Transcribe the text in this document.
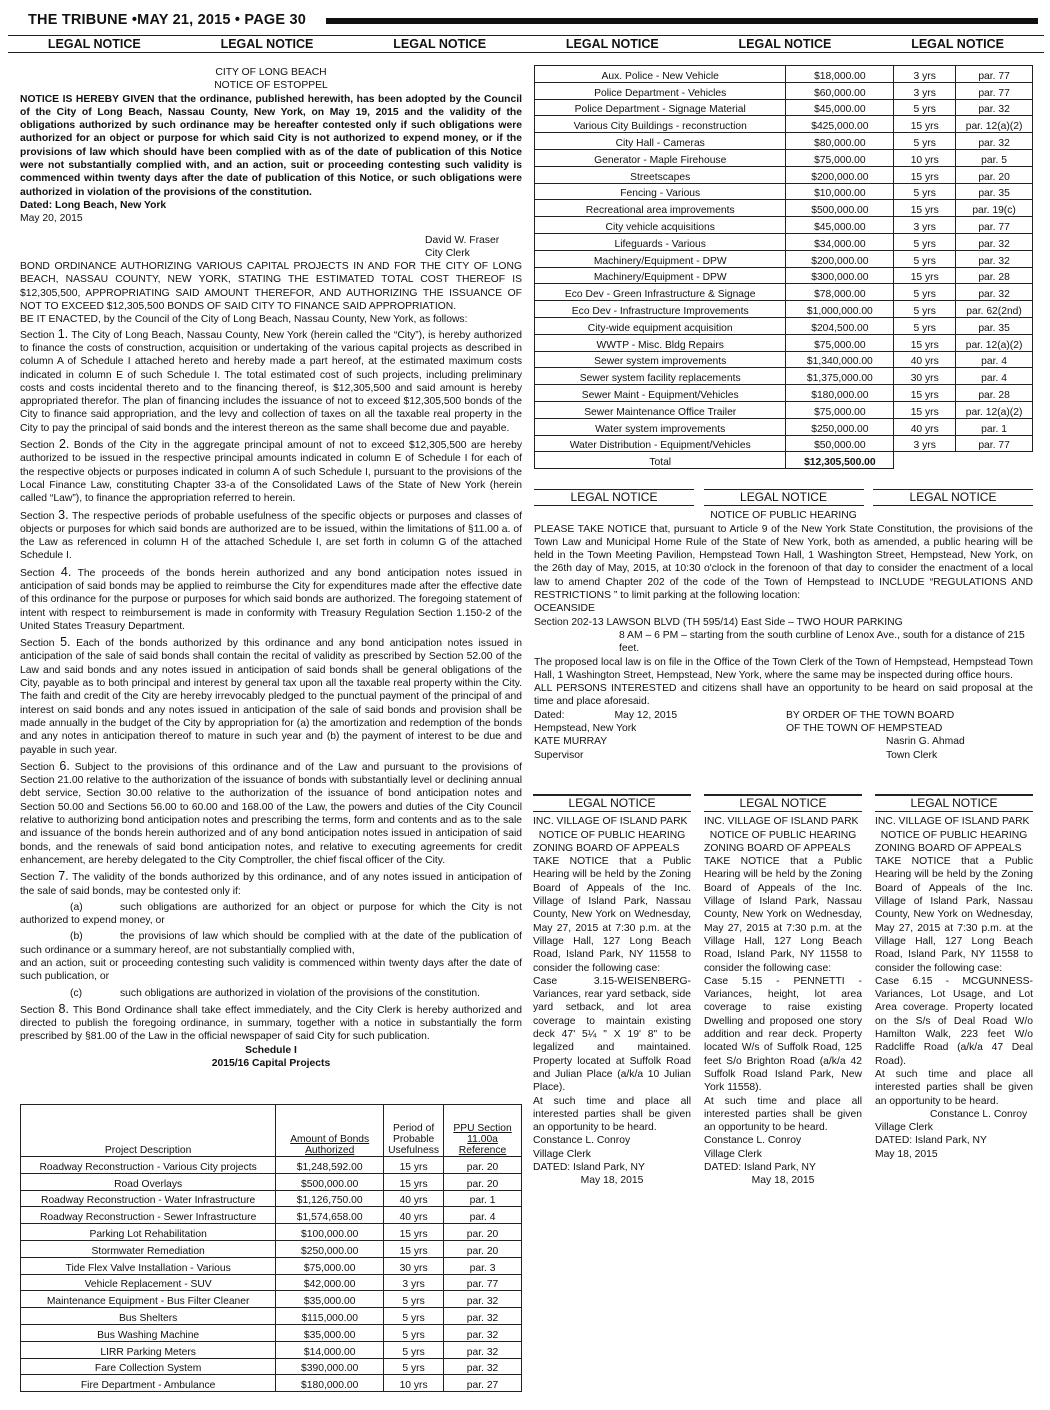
THE TRIBUNE •MAY 21, 2015 • PAGE 30
LEGAL NOTICE	LEGAL NOTICE	LEGAL NOTICE	LEGAL NOTICE	LEGAL NOTICE	LEGAL NOTICE
CITY OF LONG BEACH
NOTICE OF ESTOPPEL

NOTICE IS HEREBY GIVEN that the ordinance, published herewith, has been adopted by the Council of the City of Long Beach, Nassau County, New York, on May 19, 2015 and the validity of the obligations authorized by such ordinance may be hereafter contested only if such obligations were authorized for an object or purpose for which said City is not authorized to expend money, or if the provisions of law which should have been complied with as of the date of publication of this Notice were not substantially complied with, and an action, suit or proceeding contesting such validity is commenced within twenty days after the date of publication of this Notice, or such obligations were authorized in violation of the provisions of the constitution.

Dated: Long Beach, New York
May 20, 2015
David W. Fraser
City Clerk

BOND ORDINANCE AUTHORIZING VARIOUS CAPITAL PROJECTS IN AND FOR THE CITY OF LONG BEACH, NASSAU COUNTY, NEW YORK, STATING THE ESTIMATED TOTAL COST THEREOF IS $12,305,500, APPROPRIATING SAID AMOUNT THEREFOR, AND AUTHORIZING THE ISSUANCE OF NOT TO EXCEED $12,305,500 BONDS OF SAID CITY TO FINANCE SAID APPROPRIATION.

BE IT ENACTED, by the Council of the City of Long Beach, Nassau County, New York, as follows:

Section 1. The City of Long Beach, Nassau County, New York (herein called the “City”), is hereby authorized to finance the costs of construction, acquisition or undertaking of the various capital projects as described in column A of Schedule I attached hereto and hereby made a part hereof, at the estimated maximum costs indicated in column E of such Schedule I. The total estimated cost of such projects, including preliminary costs and costs incidental thereto and to the financing thereof, is $12,305,500 and said amount is hereby appropriated therefor. The plan of financing includes the issuance of not to exceed $12,305,500 bonds of the City to finance said appropriation, and the levy and collection of taxes on all the taxable real property in the City to pay the principal of said bonds and the interest thereon as the same shall become due and payable.

Section 2. Bonds of the City in the aggregate principal amount of not to exceed $12,305,500 are hereby authorized to be issued in the respective principal amounts indicated in column E of Schedule I for each of the respective objects or purposes indicated in column A of such Schedule I, pursuant to the provisions of the Local Finance Law, constituting Chapter 33-a of the Consolidated Laws of the State of New York (herein called “Law”), to finance the appropriation referred to herein.

Section 3. The respective periods of probable usefulness of the specific objects or purposes and classes of objects or purposes for which said bonds are authorized are to be issued, within the limitations of §11.00 a. of the Law as referenced in column H of the attached Schedule I, are set forth in column G of the attached Schedule I.

Section 4. The proceeds of the bonds herein authorized and any bond anticipation notes issued in anticipation of said bonds may be applied to reimburse the City for expenditures made after the effective date of this ordinance for the purpose or purposes for which said bonds are authorized. The foregoing statement of intent with respect to reimbursement is made in conformity with Treasury Regulation Section 1.150-2 of the United States Treasury Department.

Section 5. Each of the bonds authorized by this ordinance and any bond anticipation notes issued in anticipation of the sale of said bonds shall contain the recital of validity as prescribed by Section 52.00 of the Law and said bonds and any notes issued in anticipation of said bonds shall be general obligations of the City, payable as to both principal and interest by general tax upon all the taxable real property within the City. The faith and credit of the City are hereby irrevocably pledged to the punctual payment of the principal of and interest on said bonds and any notes issued in anticipation of the sale of said bonds and provision shall be made annually in the budget of the City by appropriation for (a) the amortization and redemption of the bonds and any notes in anticipation thereof to mature in such year and (b) the payment of interest to be due and payable in such year.

Section 6. Subject to the provisions of this ordinance and of the Law and pursuant to the provisions of Section 21.00 relative to the authorization of the issuance of bonds with substantially level or declining annual debt service, Section 30.00 relative to the authorization of the issuance of bond anticipation notes and Section 50.00 and Sections 56.00 to 60.00 and 168.00 of the Law, the powers and duties of the City Council relative to authorizing bond anticipation notes and prescribing the terms, form and contents and as to the sale and issuance of the bonds herein authorized and of any bond anticipation notes issued in anticipation of said bonds, and the renewals of said bond anticipation notes, and relative to executing agreements for credit enhancement, are hereby delegated to the City Comptroller, the chief fiscal officer of the City.

Section 7. The validity of the bonds authorized by this ordinance, and of any notes issued in anticipation of the sale of said bonds, may be contested only if:

(a)	such obligations are authorized for an object or purpose for which the City is not authorized to expend money, or

(b)	the provisions of law which should be complied with at the date of the publication of such ordinance or a summary hereof, are not substantially complied with,

and an action, suit or proceeding contesting such validity is commenced within twenty days after the date of such publication, or

(c)	such obligations are authorized in violation of the provisions of the constitution.

Section 8. This Bond Ordinance shall take effect immediately, and the City Clerk is hereby authorized and directed to publish the foregoing ordinance, in summary, together with a notice in substantially the form prescribed by §81.00 of the Law in the official newspaper of said City for such publication.

Schedule I
2015/16 Capital Projects
Project Description	Amount of Bonds Authorized	Period of Probable Usefulness	PPU Section 11.00a Reference
Roadway Reconstruction - Various City projects	$1,248,592.00	15 yrs	par. 20
Road Overlays	$500,000.00	15 yrs	par. 20
Roadway Reconstruction - Water Infrastructure	$1,126,750.00	40 yrs	par. 1
Roadway Reconstruction - Sewer Infrastructure	$1,574,658.00	40 yrs	par. 4
Parking Lot Rehabilitation	$100,000.00	15 yrs	par. 20
Stormwater Remediation	$250,000.00	15 yrs	par. 20
Tide Flex Valve Installation - Various	$75,000.00	30 yrs	par. 3
Vehicle Replacement - SUV	$42,000.00	3 yrs	par. 77
Maintenance Equipment - Bus Filter Cleaner	$35,000.00	5 yrs	par. 32
Bus Shelters	$115,000.00	5 yrs	par. 32
Bus Washing Machine	$35,000.00	5 yrs	par. 32
LIRR Parking Meters	$14,000.00	5 yrs	par. 32
Fare Collection System	$390,000.00	5 yrs	par. 32
Fire Department - Ambulance	$180,000.00	10 yrs	par. 27
Aux. Police - New Vehicle	$18,000.00	3 yrs	par. 77
Police Department - Vehicles	$60,000.00	3 yrs	par. 77
Police Department - Signage Material	$45,000.00	5 yrs	par. 32
Various City Buildings - reconstruction	$425,000.00	15 yrs	par. 12(a)(2)
City Hall - Cameras	$80,000.00	5 yrs	par. 32
Generator - Maple Firehouse	$75,000.00	10 yrs	par. 5
Streetscapes	$200,000.00	15 yrs	par. 20
Fencing - Various	$10,000.00	5 yrs	par. 35
Recreational area improvements	$500,000.00	15 yrs	par. 19(c)
City vehicle acquisitions	$45,000.00	3 yrs	par. 77
Lifeguards - Various	$34,000.00	5 yrs	par. 32
Machinery/Equipment - DPW	$200,000.00	5 yrs	par. 32
Machinery/Equipment - DPW	$300,000.00	15 yrs	par. 28
Eco Dev - Green Infrastructure & Signage	$78,000.00	5 yrs	par. 32
Eco Dev - Infrastructure Improvements	$1,000,000.00	5 yrs	par. 62(2nd)
City-wide equipment acquisition	$204,500.00	5 yrs	par. 35
WWTP - Misc. Bldg Repairs	$75,000.00	15 yrs	par. 12(a)(2)
Sewer system improvements	$1,340,000.00	40 yrs	par. 4
Sewer system facility replacements	$1,375,000.00	30 yrs	par. 4
Sewer Maint - Equipment/Vehicles	$180,000.00	15 yrs	par. 28
Sewer Maintenance Office Trailer	$75,000.00	15 yrs	par. 12(a)(2)
Water system improvements	$250,000.00	40 yrs	par. 1
Water Distribution - Equipment/Vehicles	$50,000.00	3 yrs	par. 77
Total	$12,305,500.00		
LEGAL NOTICE	LEGAL NOTICE	LEGAL NOTICE
NOTICE OF PUBLIC HEARING

PLEASE TAKE NOTICE that, pursuant to Article 9 of the New York State Constitution, the provisions of the Town Law and Municipal Home Rule of the State of New York, both as amended, a public hearing will be held in the Town Meeting Pavilion, Hempstead Town Hall, 1 Washington Street, Hempstead, New York, on the 26th day of May, 2015, at 10:30 o'clock in the forenoon of that day to consider the enactment of a local law to amend Chapter 202 of the code of the Town of Hempstead to INCLUDE “REGULATIONS AND RESTRICTIONS ” to limit parking at the following location:

OCEANSIDE
Section 202-13 LAWSON BLVD (TH 595/14) East Side – TWO HOUR PARKING
8 AM – 6 PM – starting from the south curbline of Lenox Ave., south for a distance of 215 feet.

The proposed local law is on file in the Office of the Town Clerk of the Town of Hempstead, Hempstead Town Hall, 1 Washington Street, Hempstead, New York, where the same may be inspected during office hours.

ALL PERSONS INTERESTED and citizens shall have an opportunity to be heard on said proposal at the time and place aforesaid.

Dated:	May 12, 2015
Hempstead, New York
KATE MURRAY
Supervisor
BY ORDER OF THE TOWN BOARD
OF THE TOWN OF HEMPSTEAD
Nasrin G. Ahmad
Town Clerk
LEGAL NOTICE
INC. VILLAGE OF ISLAND PARK
NOTICE OF PUBLIC HEARING
ZONING BOARD OF APPEALS

TAKE NOTICE that a Public Hearing will be held by the Zoning Board of Appeals of the Inc. Village of Island Park, Nassau County, New York on Wednesday, May 27, 2015 at 7:30 p.m. at the Village Hall, 127 Long Beach Road, Island Park, NY 11558 to consider the following case:

Case 3.15-WEISENBERG- Variances, rear yard setback, side yard setback, and lot area coverage to maintain existing deck 47' 5¼ " X 19' 8" to be legalized and maintained. Property located at Suffolk Road and Julian Place (a/k/a 10 Julian Place).

At such time and place all interested parties shall be given an opportunity to be heard.

Constance L. Conroy
Village Clerk
DATED: Island Park, NY
May 18, 2015
LEGAL NOTICE
INC. VILLAGE OF ISLAND PARK
NOTICE OF PUBLIC HEARING
ZONING BOARD OF APPEALS

TAKE NOTICE that a Public Hearing will be held by the Zoning Board of Appeals of the Inc. Village of Island Park, Nassau County, New York on Wednesday, May 27, 2015 at 7:30 p.m. at the Village Hall, 127 Long Beach Road, Island Park, NY 11558 to consider the following case:

Case 5.15 - PENNETTI - Variances, height, lot area coverage to raise existing Dwelling and proposed one story addition and rear deck. Property located W/s of Suffolk Road, 125 feet S/o Brighton Road (a/k/a 42 Suffolk Road Island Park, New York 11558).

At such time and place all interested parties shall be given an opportunity to be heard.

Constance L. Conroy
Village Clerk
DATED: Island Park, NY
May 18, 2015
LEGAL NOTICE
INC. VILLAGE OF ISLAND PARK
NOTICE OF PUBLIC HEARING
ZONING BOARD OF APPEALS

TAKE NOTICE that a Public Hearing will be held by the Zoning Board of Appeals of the Inc. Village of Island Park, Nassau County, New York on Wednesday, May 27, 2015 at 7:30 p.m. at the Village Hall, 127 Long Beach Road, Island Park, NY 11558 to consider the following case:

Case 6.15 - MCGUNNESS- Variances, Lot Usage, and Lot Area coverage. Property located on the S/s of Deal Road W/o Hamilton Walk, 223 feet W/o Radcliffe Road (a/k/a 47 Deal Road).

At such time and place all interested parties shall be given an opportunity to be heard.

Constance L. Conroy
Village Clerk
DATED: Island Park, NY
May 18, 2015
